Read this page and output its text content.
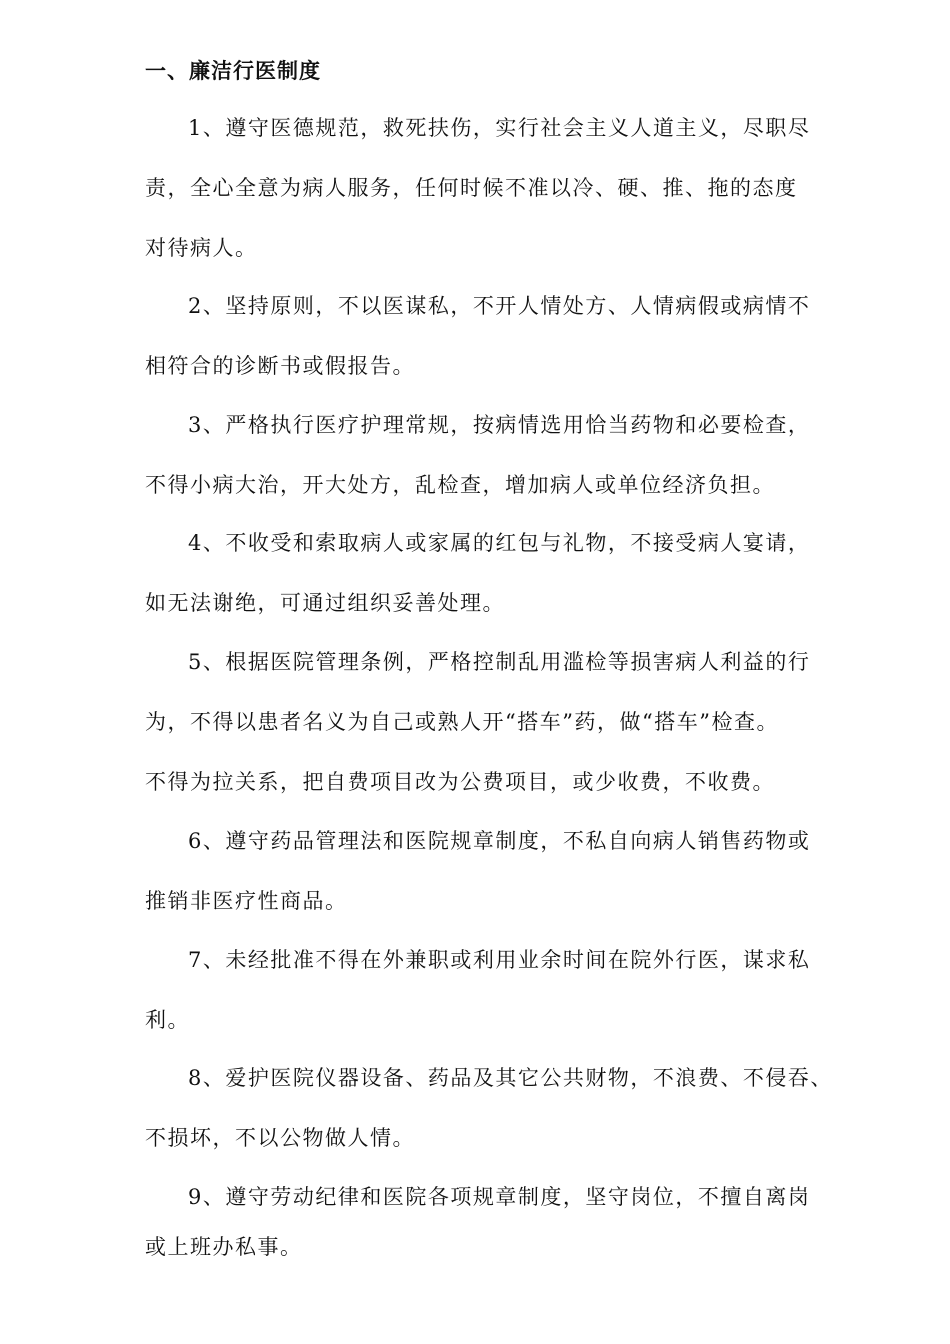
一、廉洁行医制度
1、遵守医德规范，救死扶伤，实行社会主义人道主义，尽职尽
责，全心全意为病人服务，任何时候不准以冷、硬、推、拖的态度
对待病人。
2、坚持原则，不以医谋私，不开人情处方、人情病假或病情不
相符合的诊断书或假报告。
3、严格执行医疗护理常规，按病情选用恰当药物和必要检查，
不得小病大治，开大处方，乱检查，增加病人或单位经济负担。
4、不收受和索取病人或家属的红包与礼物，不接受病人宴请，
如无法谢绝，可通过组织妥善处理。
5、根据医院管理条例，严格控制乱用滥检等损害病人利益的行
为，不得以患者名义为自己或熟人开“搭车”药，做“搭车”检查。
不得为拉关系，把自费项目改为公费项目，或少收费，不收费。
6、遵守药品管理法和医院规章制度，不私自向病人销售药物或
推销非医疗性商品。
7、未经批准不得在外兼职或利用业余时间在院外行医，谋求私
利。
8、爱护医院仪器设备、药品及其它公共财物，不浪费、不侵吞、
不损坏，不以公物做人情。
9、遵守劳动纪律和医院各项规章制度，坚守岗位，不擅自离岗
或上班办私事。
